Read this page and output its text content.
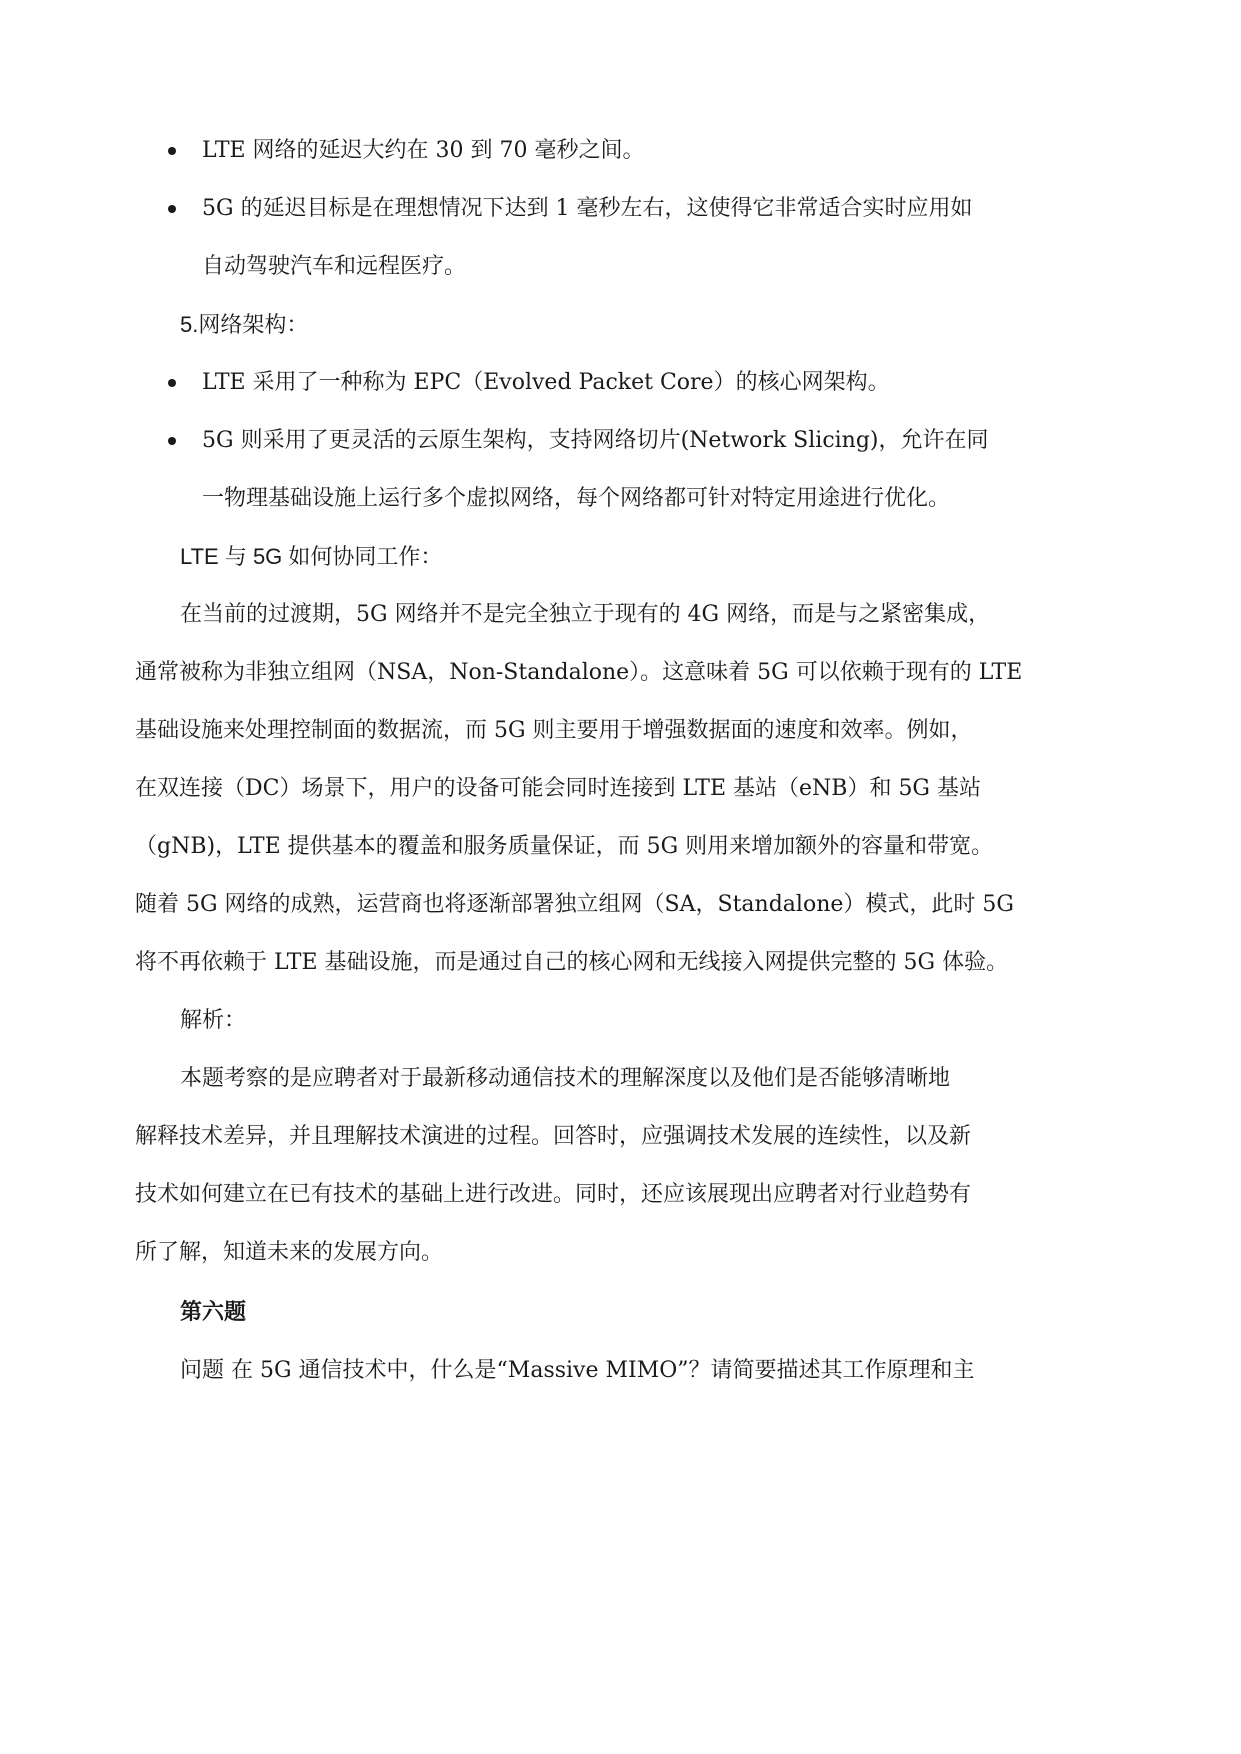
LTE 网络的延迟大约在 30 到 70 毫秒之间。
5G 的延迟目标是在理想情况下达到 1 毫秒左右，这使得它非常适合实时应用如
自动驾驶汽车和远程医疗。
5.网络架构：
LTE 采用了一种称为 EPC（Evolved Packet Core）的核心网架构。
5G 则采用了更灵活的云原生架构，支持网络切片(Network Slicing)，允许在同
一物理基础设施上运行多个虚拟网络，每个网络都可针对特定用途进行优化。
LTE 与 5G 如何协同工作：
在当前的过渡期，5G 网络并不是完全独立于现有的 4G 网络，而是与之紧密集成，
通常被称为非独立组网（NSA，Non-Standalone）。这意味着 5G 可以依赖于现有的 LTE
基础设施来处理控制面的数据流，而 5G 则主要用于增强数据面的速度和效率。例如，
在双连接（DC）场景下，用户的设备可能会同时连接到 LTE 基站（eNB）和 5G 基站
（gNB)，LTE 提供基本的覆盖和服务质量保证，而 5G 则用来增加额外的容量和带宽。
随着 5G 网络的成熟，运营商也将逐渐部署独立组网（SA，Standalone）模式，此时 5G
将不再依赖于 LTE 基础设施，而是通过自己的核心网和无线接入网提供完整的 5G 体验。
解析：
本题考察的是应聘者对于最新移动通信技术的理解深度以及他们是否能够清晰地
解释技术差异，并且理解技术演进的过程。回答时，应强调技术发展的连续性，以及新
技术如何建立在已有技术的基础上进行改进。同时，还应该展现出应聘者对行业趋势有
所了解，知道未来的发展方向。
第六题
问题 在 5G 通信技术中，什么是“Massive MIMO”？请简要描述其工作原理和主
